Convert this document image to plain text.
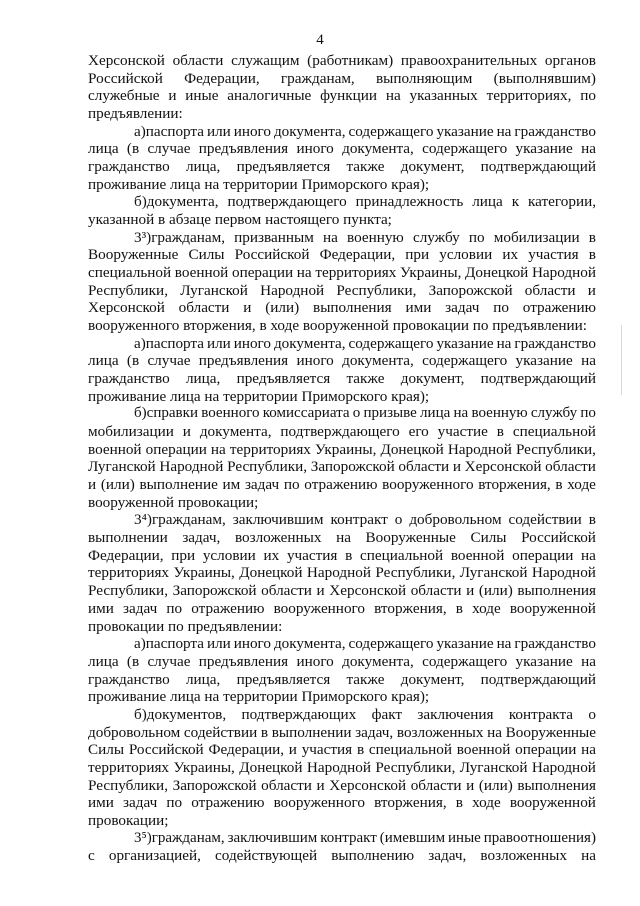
4
Херсонской области служащим (работникам) правоохранительных органов
Российской Федерации, гражданам, выполняющим (выполнявшим)
служебные и иные аналогичные функции на указанных территориях, по
предъявлении:
а)паспорта или иного документа, содержащего указание на гражданство
лица (в случае предъявления иного документа, содержащего указание на
гражданство лица, предъявляется также документ, подтверждающий
проживание лица на территории Приморского края);
б)документа, подтверждающего принадлежность лица к категории,
указанной в абзаце первом настоящего пункта;
3³)гражданам, призванным на военную службу по мобилизации в
Вооруженные Силы Российской Федерации, при условии их участия в
специальной военной операции на территориях Украины, Донецкой Народной
Республики, Луганской Народной Республики, Запорожской области и
Херсонской области и (или) выполнения ими задач по отражению
вооруженного вторжения, в ходе вооруженной провокации по предъявлении:
а)паспорта или иного документа, содержащего указание на гражданство
лица (в случае предъявления иного документа, содержащего указание на
гражданство лица, предъявляется также документ, подтверждающий
проживание лица на территории Приморского края);
б)справки военного комиссариата о призыве лица на военную службу по
мобилизации и документа, подтверждающего его участие в специальной
военной операции на территориях Украины, Донецкой Народной Республики,
Луганской Народной Республики, Запорожской области и Херсонской области
и (или) выполнение им задач по отражению вооруженного вторжения, в ходе
вооруженной провокации;
3⁴)гражданам, заключившим контракт о добровольном содействии в
выполнении задач, возложенных на Вооруженные Силы Российской
Федерации, при условии их участия в специальной военной операции на
территориях Украины, Донецкой Народной Республики, Луганской Народной
Республики, Запорожской области и Херсонской области и (или) выполнения
ими задач по отражению вооруженного вторжения, в ходе вооруженной
провокации по предъявлении:
а)паспорта или иного документа, содержащего указание на гражданство
лица (в случае предъявления иного документа, содержащего указание на
гражданство лица, предъявляется также документ, подтверждающий
проживание лица на территории Приморского края);
б)документов, подтверждающих факт заключения контракта о
добровольном содействии в выполнении задач, возложенных на Вооруженные
Силы Российской Федерации, и участия в специальной военной операции на
территориях Украины, Донецкой Народной Республики, Луганской Народной
Республики, Запорожской области и Херсонской области и (или) выполнения
ими задач по отражению вооруженного вторжения, в ходе вооруженной
провокации;
3⁵)гражданам, заключившим контракт (имевшим иные правоотношения)
с организацией, содействующей выполнению задач, возложенных на
